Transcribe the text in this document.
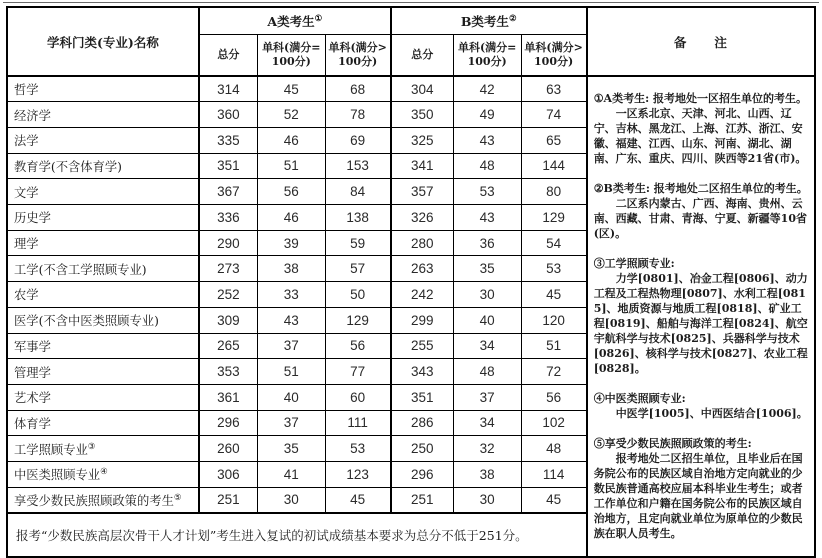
学科门类(专业)名称	A类考生①			B类考生②			备　　注
	总分	单科(满分=100分)	单科(满分>100分)	总分	单科(满分=100分)	单科(满分>100分)	
哲学	314	45	68	304	42	63	
①A类考生: 报考地处一区招生单位的考生。

一区系北京、天津、河北、山西、辽宁、吉林、黑龙江、上海、江苏、浙江、安徽、福建、江西、山东、河南、湖北、湖南、广东、重庆、四川、陕西等21省(市)。

②B类考生: 报考地处二区招生单位的考生。

二区系内蒙古、广西、海南、贵州、云南、西藏、甘肃、青海、宁夏、新疆等10省(区)。

③工学照顾专业:

力学[0801]、冶金工程[0806]、动力工程及工程热物理[0807]、水利工程[0815]、地质资源与地质工程[0818]、矿业工程[0819]、船舶与海洋工程[0824]、航空宇航科学与技术[0825]、兵器科学与技术[0826]、核科学与技术[0827]、农业工程[0828]。

④中医类照顾专业:

中医学[1005]、中西医结合[1006]。

⑤享受少数民族照顾政策的考生:

报考地处二区招生单位，且毕业后在国务院公布的民族区域自治地方定向就业的少数民族普通高校应届本科毕业生考生；或者工作单位和户籍在国务院公布的民族区域自治地方，且定向就业单位为原单位的少数民族在职人员考生。

经济学	360	52	78	350	49	74	
法学	335	46	69	325	43	65	
教育学(不含体育学)	351	51	153	341	48	144	
文学	367	56	84	357	53	80	
历史学	336	46	138	326	43	129	
理学	290	39	59	280	36	54	
工学(不含工学照顾专业)	273	38	57	263	35	53	
农学	252	33	50	242	30	45	
医学(不含中医类照顾专业)	309	43	129	299	40	120	
军事学	265	37	56	255	34	51	
管理学	353	51	77	343	48	72	
艺术学	361	40	60	351	37	56	
体育学	296	37	111	286	34	102	
工学照顾专业③	260	35	53	250	32	48	
中医类照顾专业④	306	41	123	296	38	114	
享受少数民族照顾政策的考生⑤	251	30	45	251	30	45	
报考“少数民族高层次骨干人才计划”考生进入复试的初试成绩基本要求为总分不低于251分。							
